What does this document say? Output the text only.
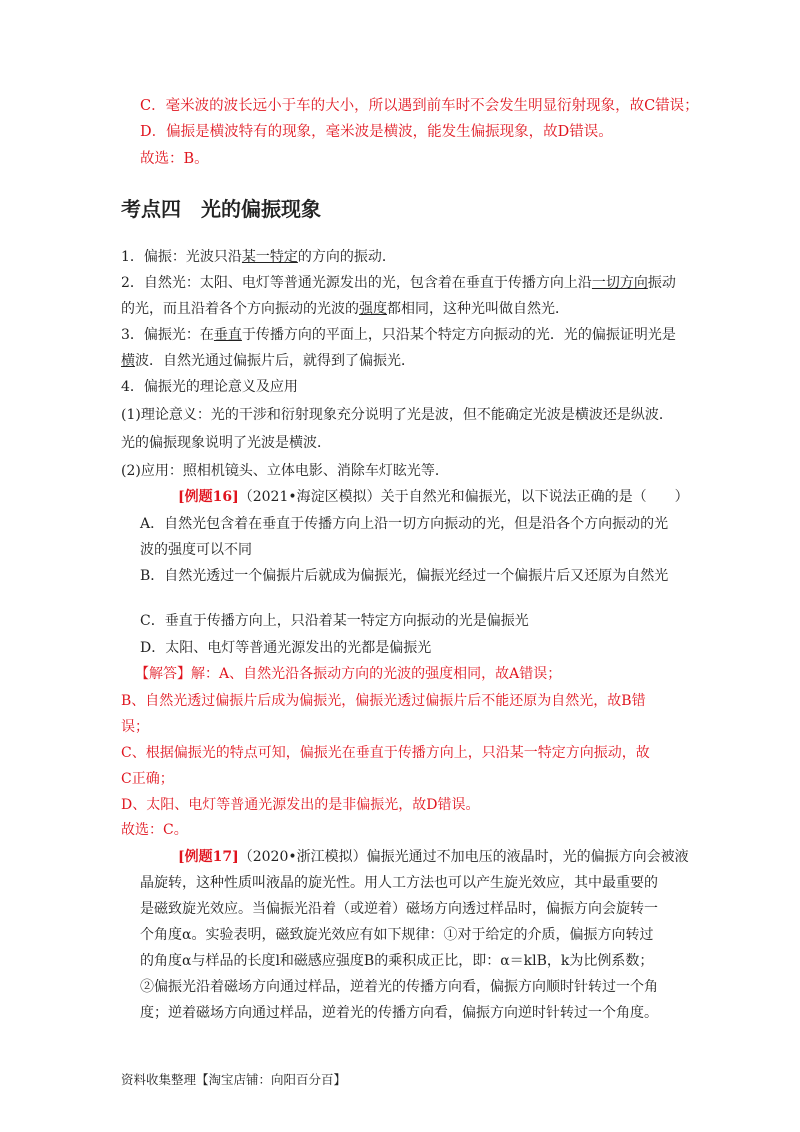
C．毫米波的波长远小于车的大小，所以遇到前车时不会发生明显衍射现象，故C错误；
D．偏振是横波特有的现象，毫米波是横波，能发生偏振现象，故D错误。
故选：B。
考点四　光的偏振现象
1．偏振：光波只沿某一特定的方向的振动．
2．自然光：太阳、电灯等普通光源发出的光，包含着在垂直于传播方向上沿一切方向振动
的光，而且沿着各个方向振动的光波的强度都相同，这种光叫做自然光．
3．偏振光：在垂直于传播方向的平面上，只沿某个特定方向振动的光．光的偏振证明光是
横波．自然光通过偏振片后，就得到了偏振光．
4．偏振光的理论意义及应用
(1)理论意义：光的干涉和衍射现象充分说明了光是波，但不能确定光波是横波还是纵波．
光的偏振现象说明了光波是横波．
(2)应用：照相机镜头、立体电影、消除车灯眩光等．
[例题16]（2021•海淀区模拟）关于自然光和偏振光，以下说法正确的是（　　）
A．自然光包含着在垂直于传播方向上沿一切方向振动的光，但是沿各个方向振动的光
波的强度可以不同
B．自然光透过一个偏振片后就成为偏振光，偏振光经过一个偏振片后又还原为自然光
C．垂直于传播方向上，只沿着某一特定方向振动的光是偏振光
D．太阳、电灯等普通光源发出的光都是偏振光
【解答】解：A、自然光沿各振动方向的光波的强度相同，故A错误；
B、自然光透过偏振片后成为偏振光，偏振光透过偏振片后不能还原为自然光，故B错
误；
C、根据偏振光的特点可知，偏振光在垂直于传播方向上，只沿某一特定方向振动，故
C正确；
D、太阳、电灯等普通光源发出的是非偏振光，故D错误。
故选：C。
[例题17]（2020•浙江模拟）偏振光通过不加电压的液晶时，光的偏振方向会被液
晶旋转，这种性质叫液晶的旋光性。用人工方法也可以产生旋光效应，其中最重要的
是磁致旋光效应。当偏振光沿着（或逆着）磁场方向透过样品时，偏振方向会旋转一
个角度α。实验表明，磁致旋光效应有如下规律：①对于给定的介质，偏振方向转过
的角度α与样品的长度l和磁感应强度B的乘积成正比，即：α＝klB，k为比例系数；
②偏振光沿着磁场方向通过样品，逆着光的传播方向看，偏振方向顺时针转过一个角
度；逆着磁场方向通过样品，逆着光的传播方向看，偏振方向逆时针转过一个角度。
资料收集整理【淘宝店铺：向阳百分百】
